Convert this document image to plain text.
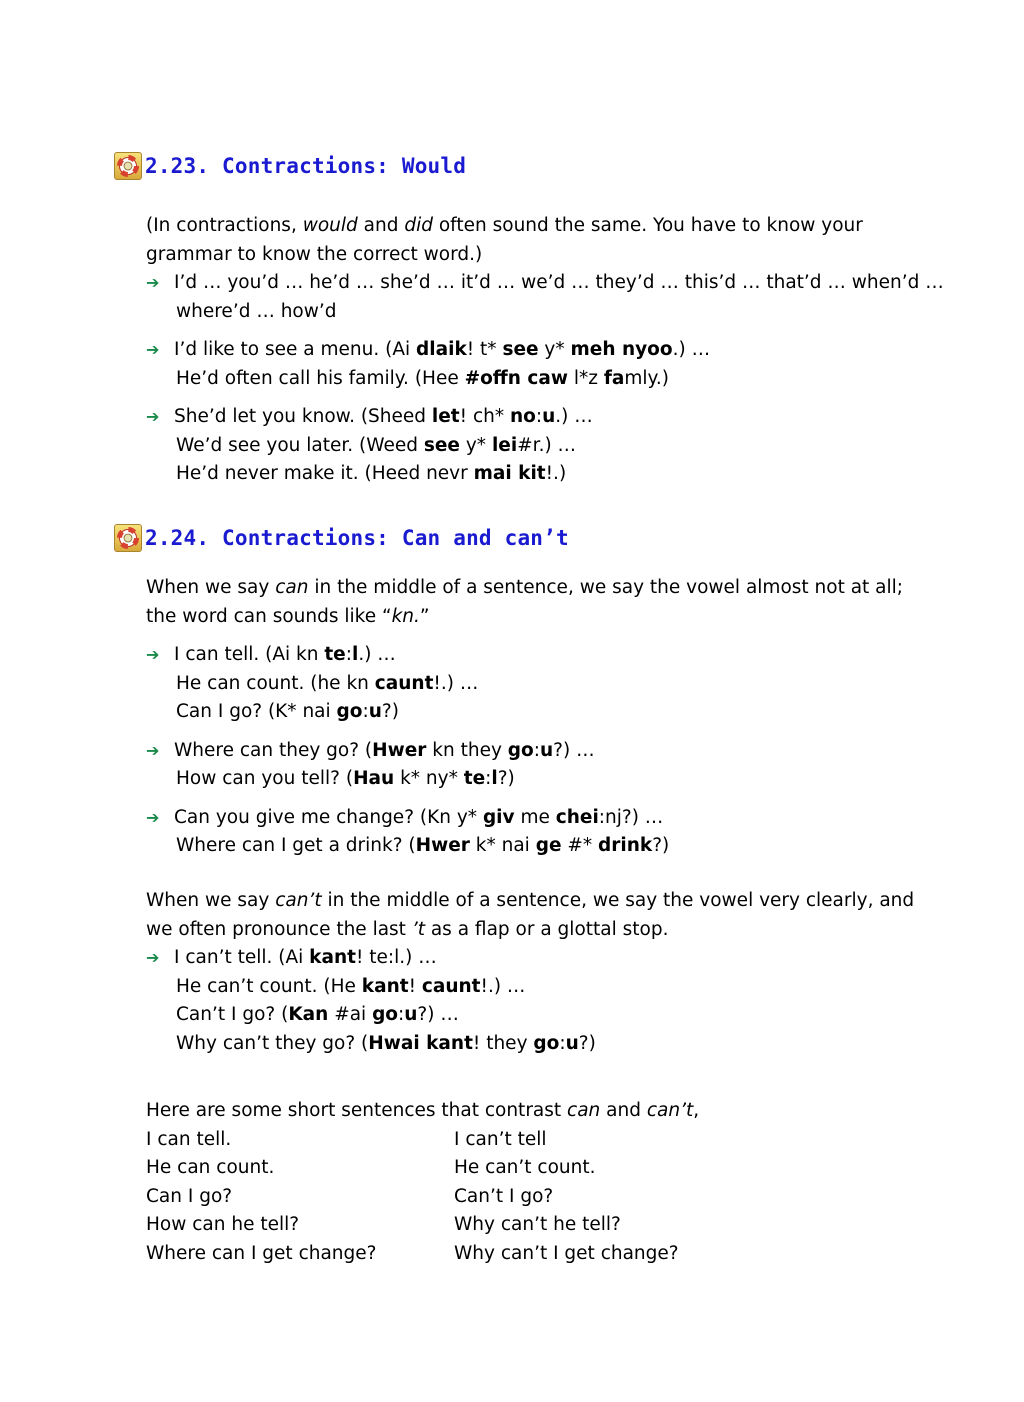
2.23. Contractions: Would
(In contractions, would and did often sound the same. You have to know your
grammar to know the correct word.)
➔ I’d … you’d … he’d … she’d … it’d … we’d … they’d … this’d … that’d … when’d …
where’d … how’d
➔ I’d like to see a menu. (Ai dlaik! t* see y* meh nyoo.) …
He’d often call his family. (Hee #offn caw l*z famly.)
➔ She’d let you know. (Sheed let! ch* no:u.) …
We’d see you later. (Weed see y* lei#r.) …
He’d never make it. (Heed nevr mai kit!.)
2.24. Contractions: Can and can’t
When we say can in the middle of a sentence, we say the vowel almost not at all;
the word can sounds like “kn.”
➔ I can tell. (Ai kn te:l.) …
He can count. (he kn caunt!.) …
Can I go? (K* nai go:u?)
➔ Where can they go? (Hwer kn they go:u?) …
How can you tell? (Hau k* ny* te:l?)
➔ Can you give me change? (Kn y* giv me chei:nj?) …
Where can I get a drink? (Hwer k* nai ge #* drink?)
When we say can’t in the middle of a sentence, we say the vowel very clearly, and
we often pronounce the last ’t as a flap or a glottal stop.
➔ I can’t tell. (Ai kant! te:l.) …
He can’t count. (He kant! caunt!.) …
Can’t I go? (Kan #ai go:u?) …
Why can’t they go? (Hwai kant! they go:u?)
Here are some short sentences that contrast can and can’t,
I can tell.	I can’t tell
He can count.	He can’t count.
Can I go?	Can’t I go?
How can he tell?	Why can’t he tell?
Where can I get change?	Why can’t I get change?
